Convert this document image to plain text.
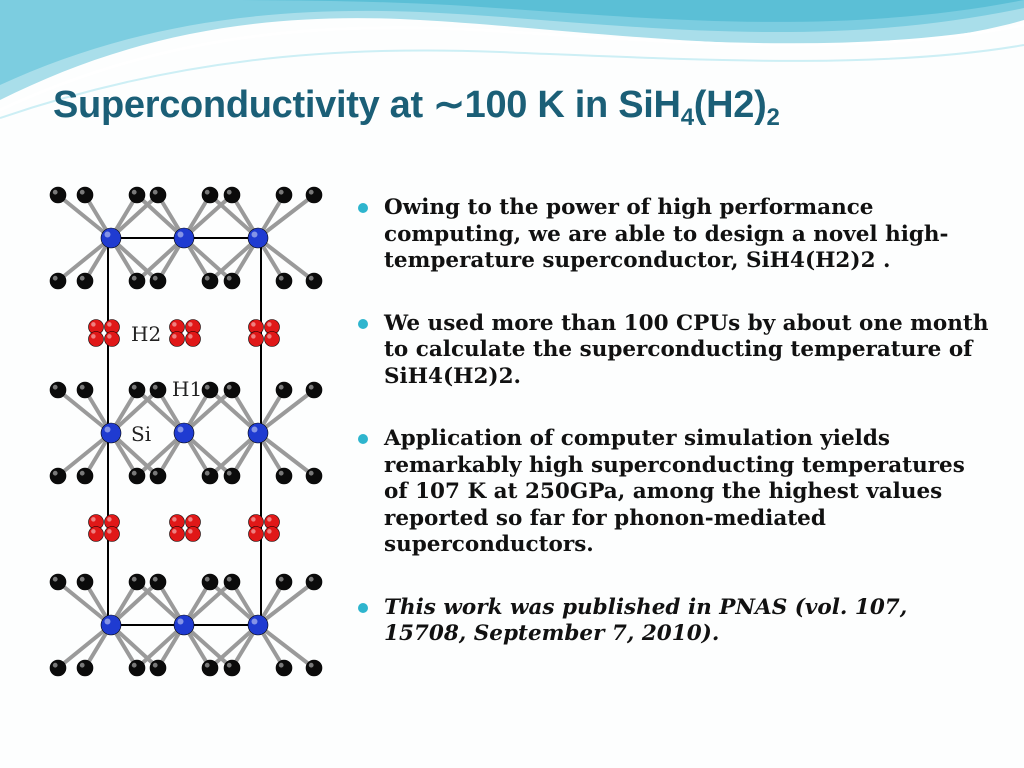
Superconductivity at ∼100 K in $SiH_4(H2)_2$
H2
H1
Si
Owing to the power of high performance computing, we are able to design a novel high-temperature superconductor, SiH4(H2)2 .
We used more than 100 CPUs by about one month to calculate the superconducting temperature of SiH4(H2)2.
Application of computer simulation yields remarkably high superconducting temperatures of 107 K at 250GPa, among the highest values reported so far for phonon-mediated superconductors.
This work was published in PNAS (vol. 107, 15708, September 7, 2010).
